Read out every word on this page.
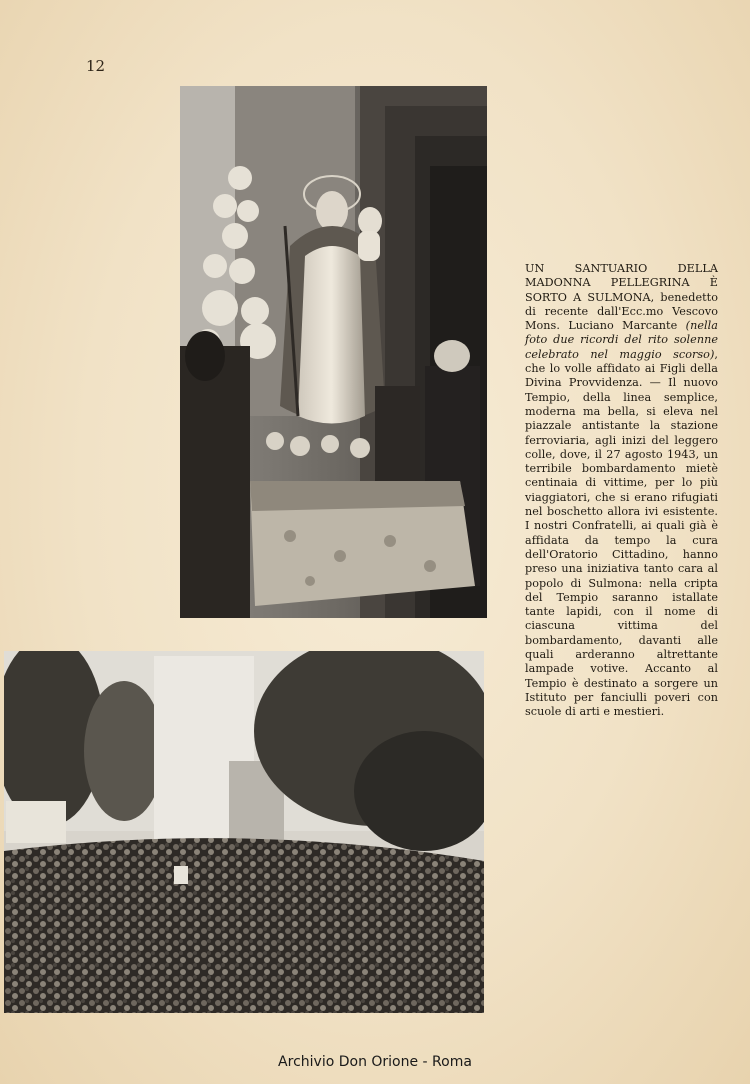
12
UN SANTUARIO DELLA MADONNA PELLEGRINA È SORTO A SULMONA, benedetto di recente dall'Ecc.mo Vescovo Mons. Luciano Marcante (nella foto due ricordi del rito solenne celebrato nel maggio scorso), che lo volle affidato ai Figli della Divina Provvidenza. — Il nuovo Tempio, della linea semplice, moderna ma bella, si eleva nel piazzale antistante la stazione ferroviaria, agli inizi del leggero colle, dove, il 27 agosto 1943, un terribile bombardamento mietè centinaia di vittime, per lo più viaggiatori, che si erano rifugiati nel boschetto allora ivi esistente. I nostri Confratelli, ai quali già è affidata da tempo la cura dell'Oratorio Cittadino, hanno preso una iniziativa tanto cara al popolo di Sulmona: nella cripta del Tempio saranno istallate tante lapidi, con il nome di ciascuna vittima del bombardamento, davanti alle quali arderanno altrettante lampade votive. Accanto al Tempio è destinato a sorgere un Istituto per fanciulli poveri con scuole di arti e mestieri.
Archivio Don Orione - Roma
